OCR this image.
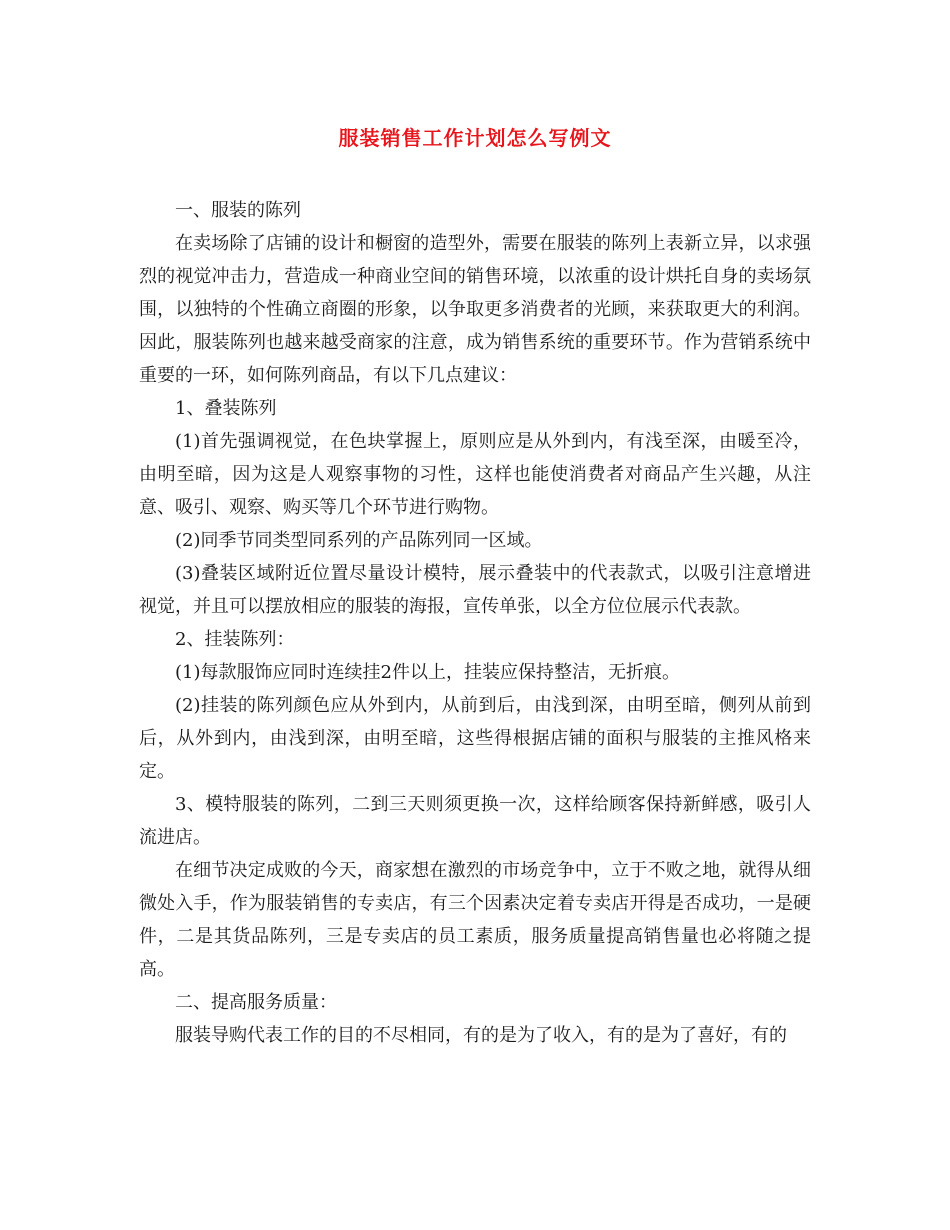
服装销售工作计划怎么写例文

一、服装的陈列

在卖场除了店铺的设计和橱窗的造型外，需要在服装的陈列上表新立异，以求强烈的视觉冲击力，营造成一种商业空间的销售环境，以浓重的设计烘托自身的卖场氛围，以独特的个性确立商圈的形象，以争取更多消费者的光顾，来获取更大的利润。因此，服装陈列也越来越受商家的注意，成为销售系统的重要环节。作为营销系统中重要的一环，如何陈列商品，有以下几点建议：

1、叠装陈列

(1)首先强调视觉，在色块掌握上，原则应是从外到内，有浅至深，由暖至冷，由明至暗，因为这是人观察事物的习性，这样也能使消费者对商品产生兴趣，从注意、吸引、观察、购买等几个环节进行购物。

(2)同季节同类型同系列的产品陈列同一区域。

(3)叠装区域附近位置尽量设计模特，展示叠装中的代表款式，以吸引注意增进视觉，并且可以摆放相应的服装的海报，宣传单张，以全方位位展示代表款。

2、挂装陈列：

(1)每款服饰应同时连续挂2件以上，挂装应保持整洁，无折痕。

(2)挂装的陈列颜色应从外到内，从前到后，由浅到深，由明至暗，侧列从前到后，从外到内，由浅到深，由明至暗，这些得根据店铺的面积与服装的主推风格来定。

3、模特服装的陈列，二到三天则须更换一次，这样给顾客保持新鲜感，吸引人流进店。

在细节决定成败的今天，商家想在激烈的市场竞争中，立于不败之地，就得从细微处入手，作为服装销售的专卖店，有三个因素决定着专卖店开得是否成功，一是硬件，二是其货品陈列，三是专卖店的员工素质，服务质量提高销售量也必将随之提高。

二、提高服务质量：

服装导购代表工作的目的不尽相同，有的是为了收入，有的是为了喜好，有的
